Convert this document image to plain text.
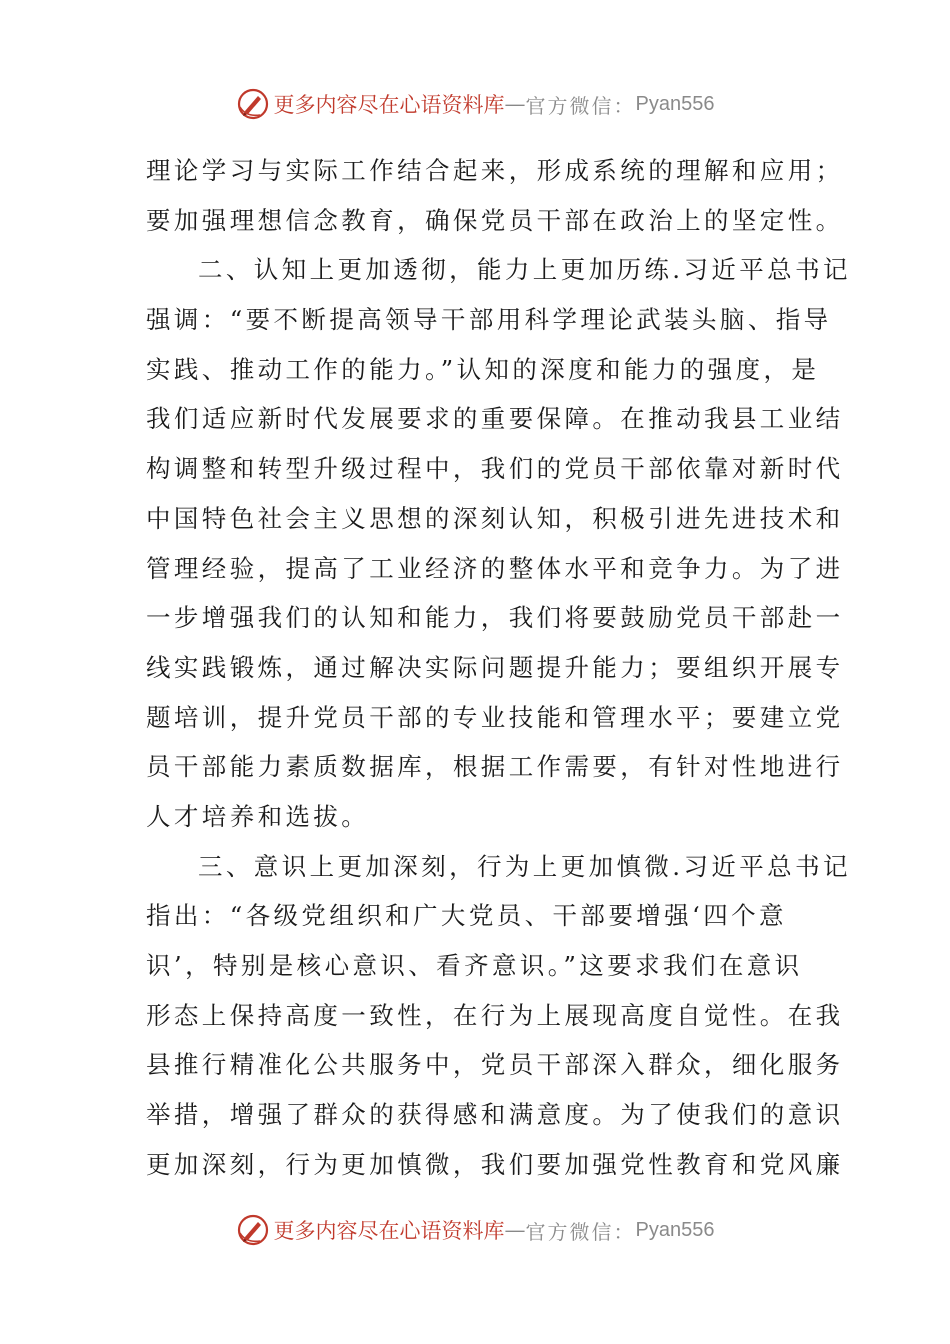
更多内容尽在心语资料库 — 官方微信： Pyan556
理论学习与实际工作结合起来，形成系统的理解和应用；
要加强理想信念教育，确保党员干部在政治上的坚定性。
二、认知上更加透彻，能力上更加历练.习近平总书记
强调：“要不断提高领导干部用科学理论武装头脑、指导
实践、推动工作的能力。”认知的深度和能力的强度，是
我们适应新时代发展要求的重要保障。在推动我县工业结
构调整和转型升级过程中，我们的党员干部依靠对新时代
中国特色社会主义思想的深刻认知，积极引进先进技术和
管理经验，提高了工业经济的整体水平和竞争力。为了进
一步增强我们的认知和能力，我们将要鼓励党员干部赴一
线实践锻炼，通过解决实际问题提升能力；要组织开展专
题培训，提升党员干部的专业技能和管理水平；要建立党
员干部能力素质数据库，根据工作需要，有针对性地进行
人才培养和选拔。
三、意识上更加深刻，行为上更加慎微.习近平总书记
指出：“各级党组织和广大党员、干部要增强‘四个意
识’，特别是核心意识、看齐意识。”这要求我们在意识
形态上保持高度一致性，在行为上展现高度自觉性。在我
县推行精准化公共服务中，党员干部深入群众，细化服务
举措，增强了群众的获得感和满意度。为了使我们的意识
更加深刻，行为更加慎微，我们要加强党性教育和党风廉
更多内容尽在心语资料库 — 官方微信： Pyan556
